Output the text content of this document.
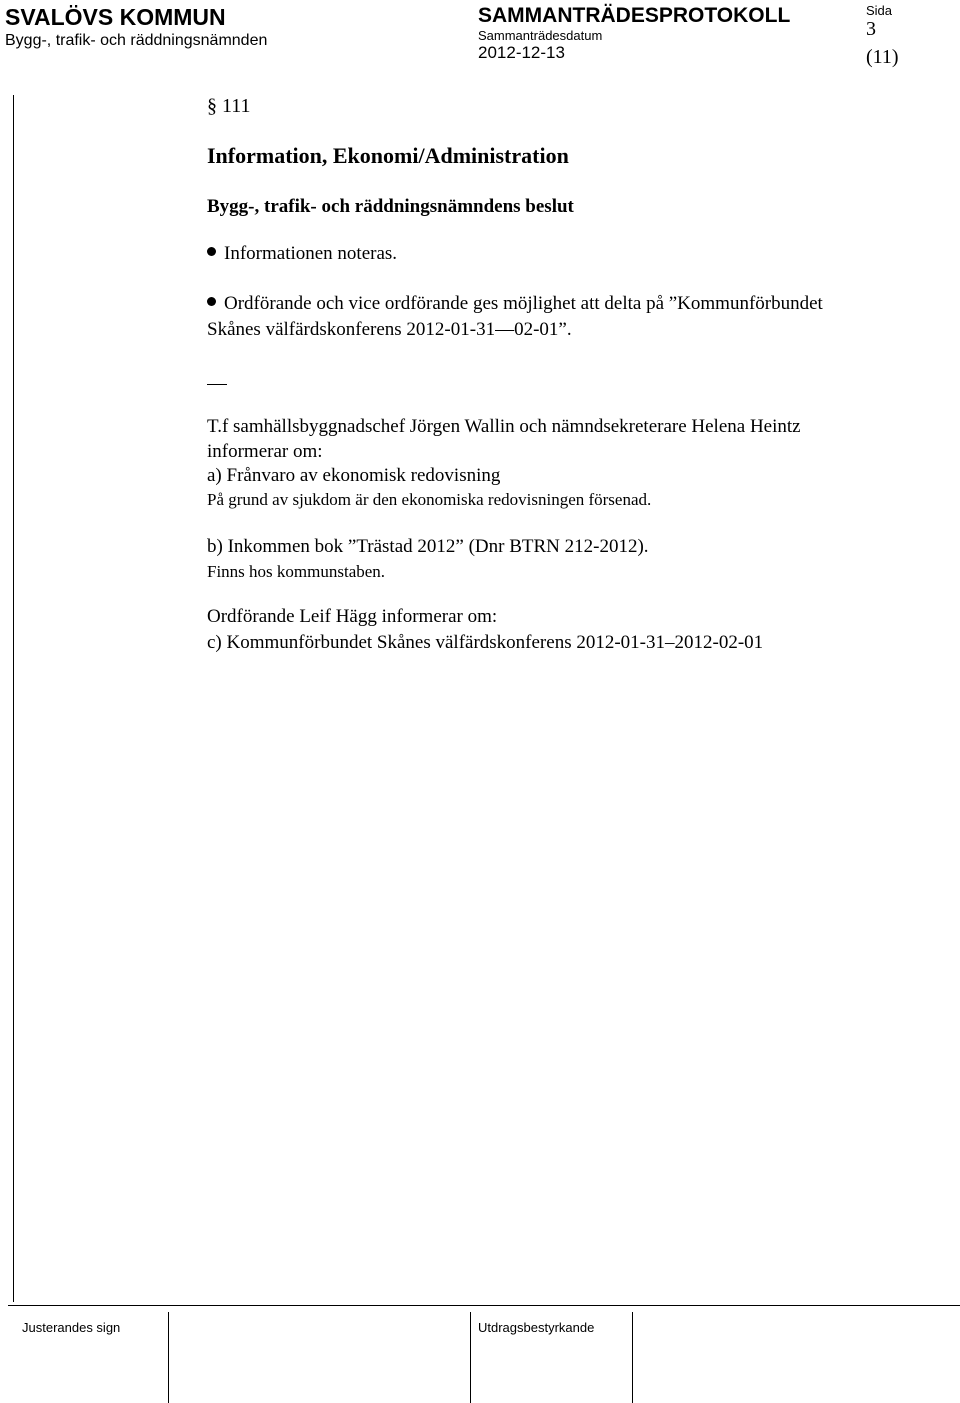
SVALÖVS KOMMUN
Bygg-, trafik- och räddningsnämnden
SAMMANTRÄDESPROTOKOLL
Sammanträdesdatum
2012-12-13
Sida
3
(11)
§ 111
Information, Ekonomi/Administration
Bygg-, trafik- och räddningsnämndens beslut
Informationen noteras.
Ordförande och vice ordförande ges möjlighet att delta på ”Kommunförbundet
Skånes välfärdskonferens 2012-01-31—02-01”.
T.f samhällsbyggnadschef Jörgen Wallin och nämndsekreterare Helena Heintz
informerar om:
a) Frånvaro av ekonomisk redovisning
På grund av sjukdom är den ekonomiska redovisningen försenad.
b) Inkommen bok ”Trästad 2012” (Dnr BTRN 212-2012).
Finns hos kommunstaben.
Ordförande Leif Hägg informerar om:
c) Kommunförbundet Skånes välfärdskonferens 2012-01-31–2012-02-01
Justerandes sign	Utdragsbestyrkande
